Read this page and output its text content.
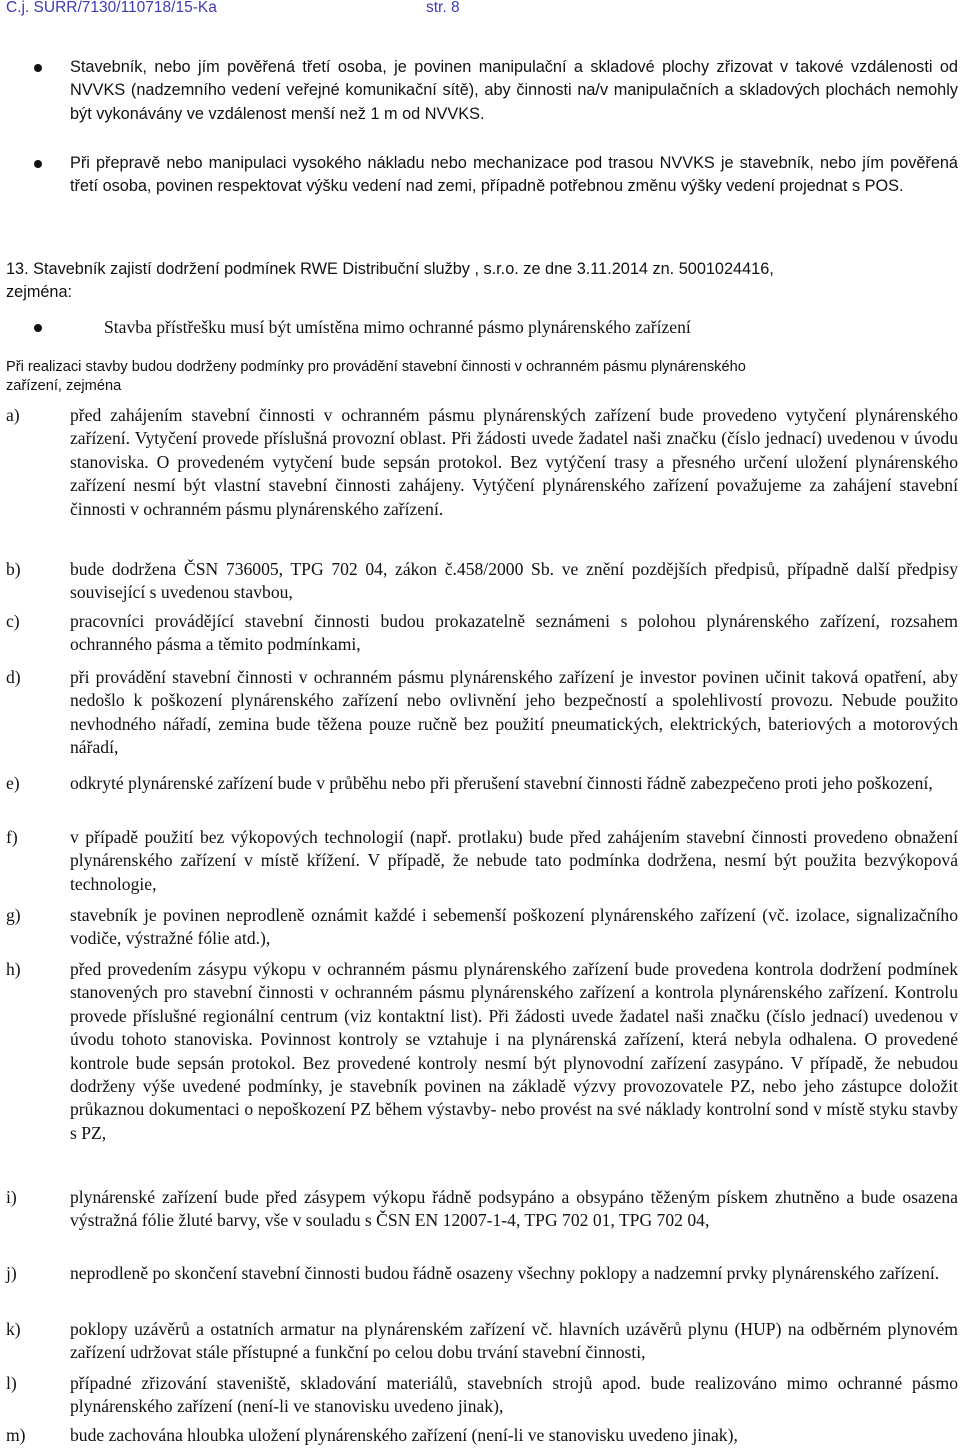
Č.j. SURR/7130/110718/15-Ka	str. 8
Stavebník, nebo jím pověřená třetí osoba, je povinen manipulační a skladové plochy zřizovat v takové vzdálenosti od NVVKS (nadzemního vedení veřejné komunikační sítě), aby činnosti na/v manipulačních a skladových plochách nemohly být vykonávány ve vzdálenost menší než 1 m od NVVKS.
Při přepravě nebo manipulaci vysokého nákladu nebo mechanizace pod trasou NVVKS je stavebník, nebo jím pověřená třetí osoba, povinen respektovat výšku vedení nad zemi, případně potřebnou změnu výšky vedení projednat s POS.
13. Stavebník zajistí dodržení podmínek RWE Distribuční služby , s.r.o. ze dne 3.11.2014 zn. 5001024416,
zejména:
Stavba přístřešku musí být umístěna mimo ochranné pásmo plynárenského zařízení
Při realizaci stavby budou dodrženy podmínky pro provádění stavební činnosti v ochranném pásmu plynárenského
zařízení, zejména
a)	před zahájením stavební činnosti v ochranném pásmu plynárenských zařízení bude provedeno vytyčení plynárenského zařízení. Vytyčení provede příslušná provozní oblast. Při žádosti uvede žadatel naši značku (číslo jednací) uvedenou v úvodu stanoviska. O provedeném vytyčení bude sepsán protokol. Bez vytýčení trasy a přesného určení uložení plynárenského zařízení nesmí být vlastní stavební činnosti zahájeny. Vytýčení plynárenského zařízení považujeme za zahájení stavební činnosti v ochranném pásmu plynárenského zařízení.
b)	bude dodržena ČSN 736005, TPG 702 04, zákon č.458/2000 Sb. ve znění pozdějších předpisů, případně další předpisy související s uvedenou stavbou,
c)	pracovníci provádějící stavební činnosti budou prokazatelně seznámeni s polohou plynárenského zařízení, rozsahem ochranného pásma a těmito podmínkami,
d)	při provádění stavební činnosti v ochranném pásmu plynárenského zařízení je investor povinen učinit taková opatření, aby nedošlo k poškození plynárenského zařízení nebo ovlivnění jeho bezpečností a spolehlivostí provozu. Nebude použito nevhodného nářadí, zemina bude těžena pouze ručně bez použití pneumatických, elektrických, bateriových a motorových nářadí,
e)	odkryté plynárenské zařízení bude v průběhu nebo při přerušení stavební činnosti řádně zabezpečeno proti jeho poškození,
f)	v případě použití bez výkopových technologií (např. protlaku) bude před zahájením stavební činnosti provedeno obnažení plynárenského zařízení v místě křížení. V případě, že nebude tato podmínka dodržena, nesmí být použita bezvýkopová technologie,
g)	stavebník je povinen neprodleně oznámit každé i sebemenší poškození plynárenského zařízení (vč. izolace, signalizačního vodiče, výstražné fólie atd.),
h)	před provedením zásypu výkopu v ochranném pásmu plynárenského zařízení bude provedena kontrola dodržení podmínek stanovených pro stavební činnosti v ochranném pásmu plynárenského zařízení a kontrola plynárenského zařízení. Kontrolu provede příslušné regionální centrum (viz kontaktní list). Při žádosti uvede žadatel naši značku (číslo jednací) uvedenou v úvodu tohoto stanoviska. Povinnost kontroly se vztahuje i na plynárenská zařízení, která nebyla odhalena. O provedené kontrole bude sepsán protokol. Bez provedené kontroly nesmí být plynovodní zařízení zasypáno. V případě, že nebudou dodrženy výše uvedené podmínky, je stavebník povinen na základě výzvy provozovatele PZ, nebo jeho zástupce doložit průkaznou dokumentaci o nepoškození PZ během výstavby- nebo provést na své náklady kontrolní sond v místě styku stavby s PZ,
i)	plynárenské zařízení bude před zásypem výkopu řádně podsypáno a obsypáno těženým pískem zhutněno a bude osazena výstražná fólie žluté barvy, vše v souladu s ČSN EN 12007-1-4, TPG 702 01, TPG 702 04,
j)	neprodleně po skončení stavební činnosti budou řádně osazeny všechny poklopy a nadzemní prvky plynárenského zařízení.
k)	poklopy uzávěrů a ostatních armatur na plynárenském zařízení vč. hlavních uzávěrů plynu (HUP) na odběrném plynovém zařízení udržovat stále přístupné a funkční po celou dobu trvání stavební činnosti,
l)	případné zřizování staveniště, skladování materiálů, stavebních strojů apod. bude realizováno mimo ochranné pásmo plynárenského zařízení (není-li ve stanovisku uvedeno jinak),
m)	bude zachována hloubka uložení plynárenského zařízení (není-li ve stanovisku uvedeno jinak),
